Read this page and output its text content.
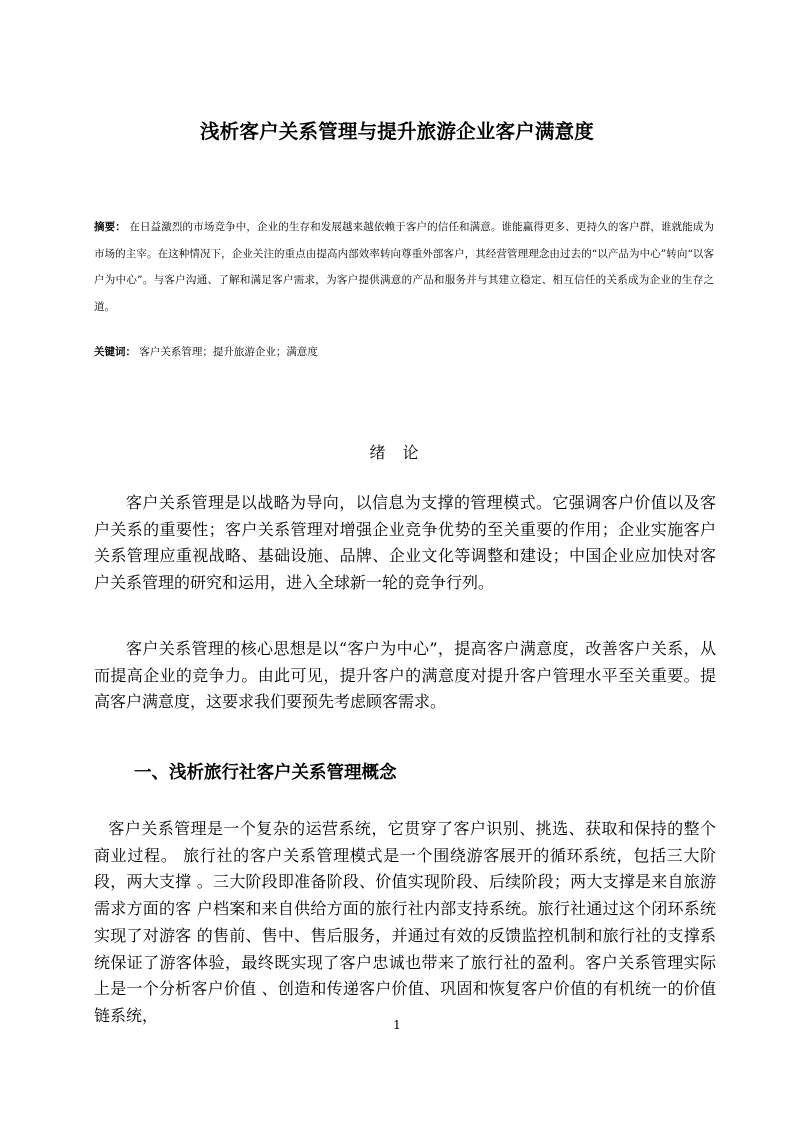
浅析客户关系管理与提升旅游企业客户满意度
摘要： 在日益激烈的市场竞争中，企业的生存和发展越来越依赖于客户的信任和满意。谁能赢得更多、更持久的客户群，谁就能成为市场的主宰。在这种情况下，企业关注的重点由提高内部效率转向尊重外部客户，其经营管理理念由过去的“以产品为中心”转向“以客户为中心”。与客户沟通、了解和满足客户需求，为客户提供满意的产品和服务并与其建立稳定、相互信任的关系成为企业的生存之道。
关键词： 客户关系管理；提升旅游企业；满意度
绪 论

客户关系管理是以战略为导向，以信息为支撑的管理模式。它强调客户价值以及客户关系的重要性；客户关系管理对增强企业竞争优势的至关重要的作用；企业实施客户关系管理应重视战略、基础设施、品牌、企业文化等调整和建设；中国企业应加快对客户关系管理的研究和运用，进入全球新一轮的竞争行列。

客户关系管理的核心思想是以“客户为中心”，提高客户满意度，改善客户关系，从而提高企业的竞争力。由此可见，提升客户的满意度对提升客户管理水平至关重要。提高客户满意度，这要求我们要预先考虑顾客需求。

一、浅析旅行社客户关系管理概念

客户关系管理是一个复杂的运营系统，它贯穿了客户识别、挑选、获取和保持的整个商业过程。 旅行社的客户关系管理模式是一个围绕游客展开的循环系统，包括三大阶段，两大支撑 。三大阶段即准备阶段、价值实现阶段、后续阶段；两大支撑是来自旅游需求方面的客 户档案和来自供给方面的旅行社内部支持系统。旅行社通过这个闭环系统实现了对游客 的售前、售中、售后服务，并通过有效的反馈监控机制和旅行社的支撑系统保证了游客体验，最终既实现了客户忠诚也带来了旅行社的盈利。客户关系管理实际上是一个分析客户价值 、创造和传递客户价值、巩固和恢复客户价值的有机统一的价值链系统，

1
